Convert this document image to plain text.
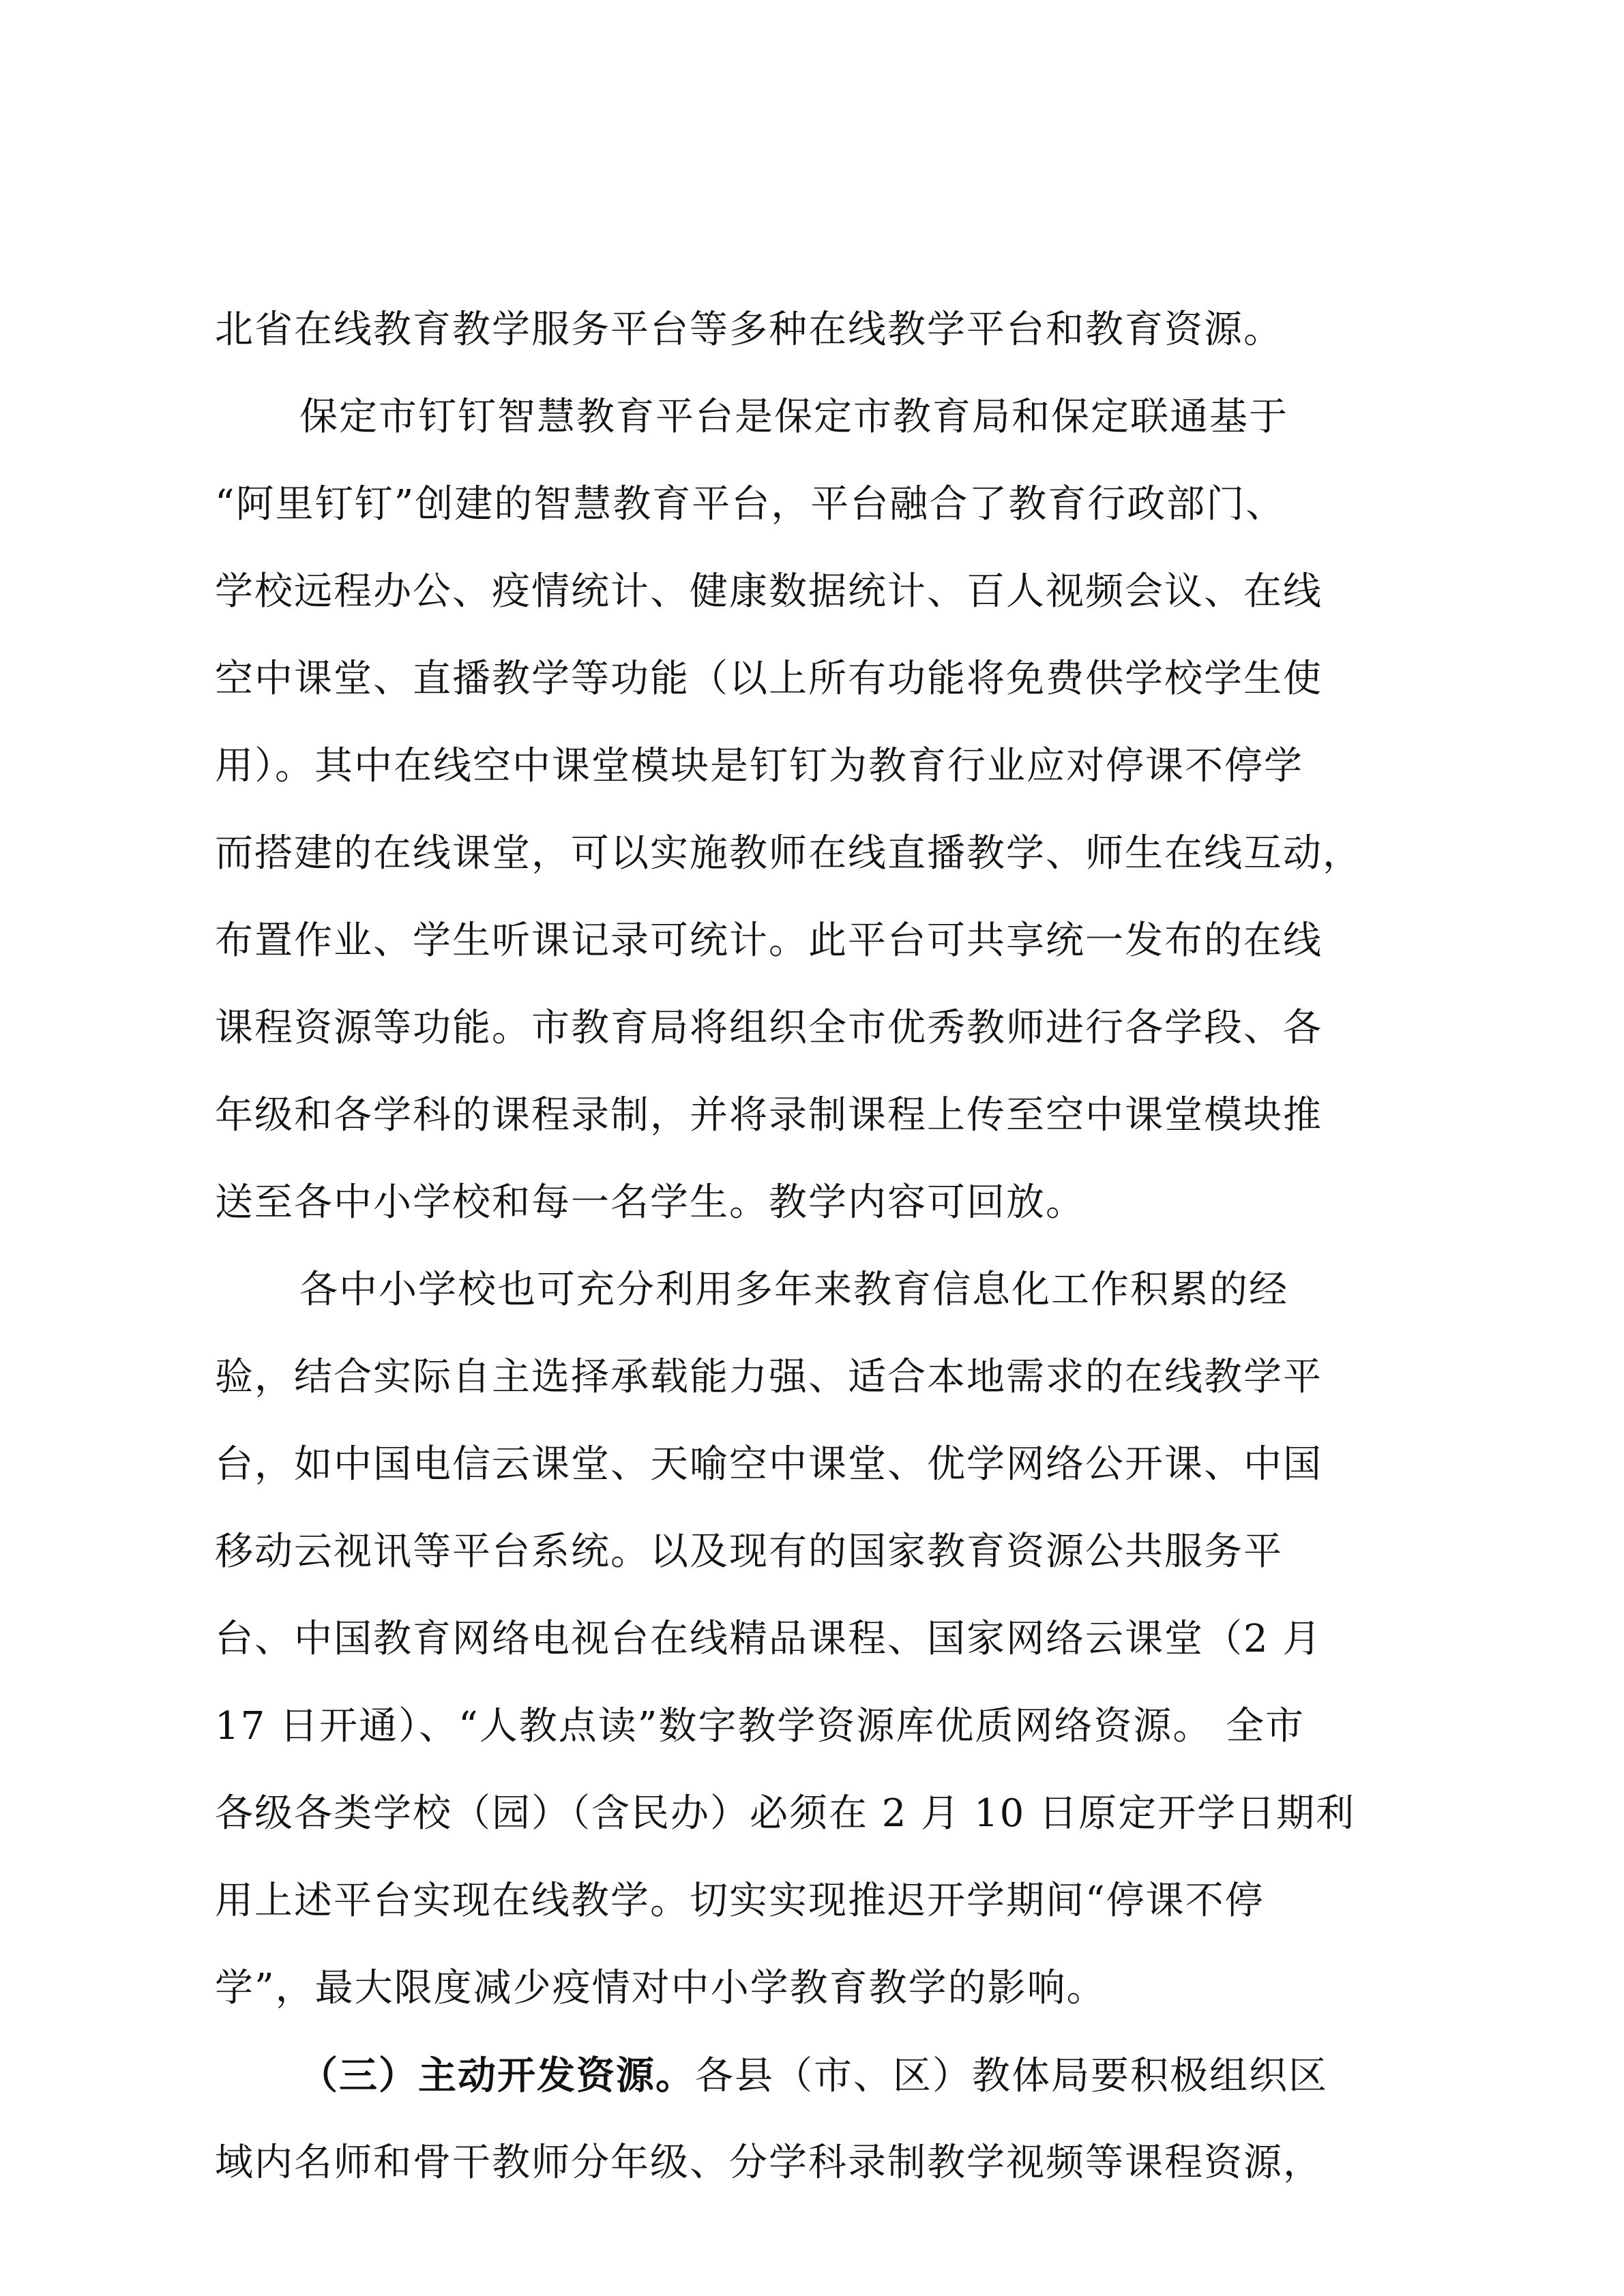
北省在线教育教学服务平台等多种在线教学平台和教育资源。
保定市钉钉智慧教育平台是保定市教育局和保定联通基于
“阿里钉钉”创建的智慧教育平台，平台融合了教育行政部门、
学校远程办公、疫情统计、健康数据统计、百人视频会议、在线
空中课堂、直播教学等功能（以上所有功能将免费供学校学生使
用）。其中在线空中课堂模块是钉钉为教育行业应对停课不停学
而搭建的在线课堂，可以实施教师在线直播教学、师生在线互动，
布置作业、学生听课记录可统计。此平台可共享统一发布的在线
课程资源等功能。市教育局将组织全市优秀教师进行各学段、各
年级和各学科的课程录制，并将录制课程上传至空中课堂模块推
送至各中小学校和每一名学生。教学内容可回放。
各中小学校也可充分利用多年来教育信息化工作积累的经
验，结合实际自主选择承载能力强、适合本地需求的在线教学平
台，如中国电信云课堂、天喻空中课堂、优学网络公开课、中国
移动云视讯等平台系统。以及现有的国家教育资源公共服务平
台、中国教育网络电视台在线精品课程、国家网络云课堂（2 月
17 日开通）、“人教点读”数字教学资源库优质网络资源。 全市
各级各类学校（园）（含民办）必须在 2 月 10 日原定开学日期利
用上述平台实现在线教学。切实实现推迟开学期间“停课不停
学”，最大限度减少疫情对中小学教育教学的影响。
（三）主动开发资源。各县（市、区）教体局要积极组织区
域内名师和骨干教师分年级、分学科录制教学视频等课程资源，
